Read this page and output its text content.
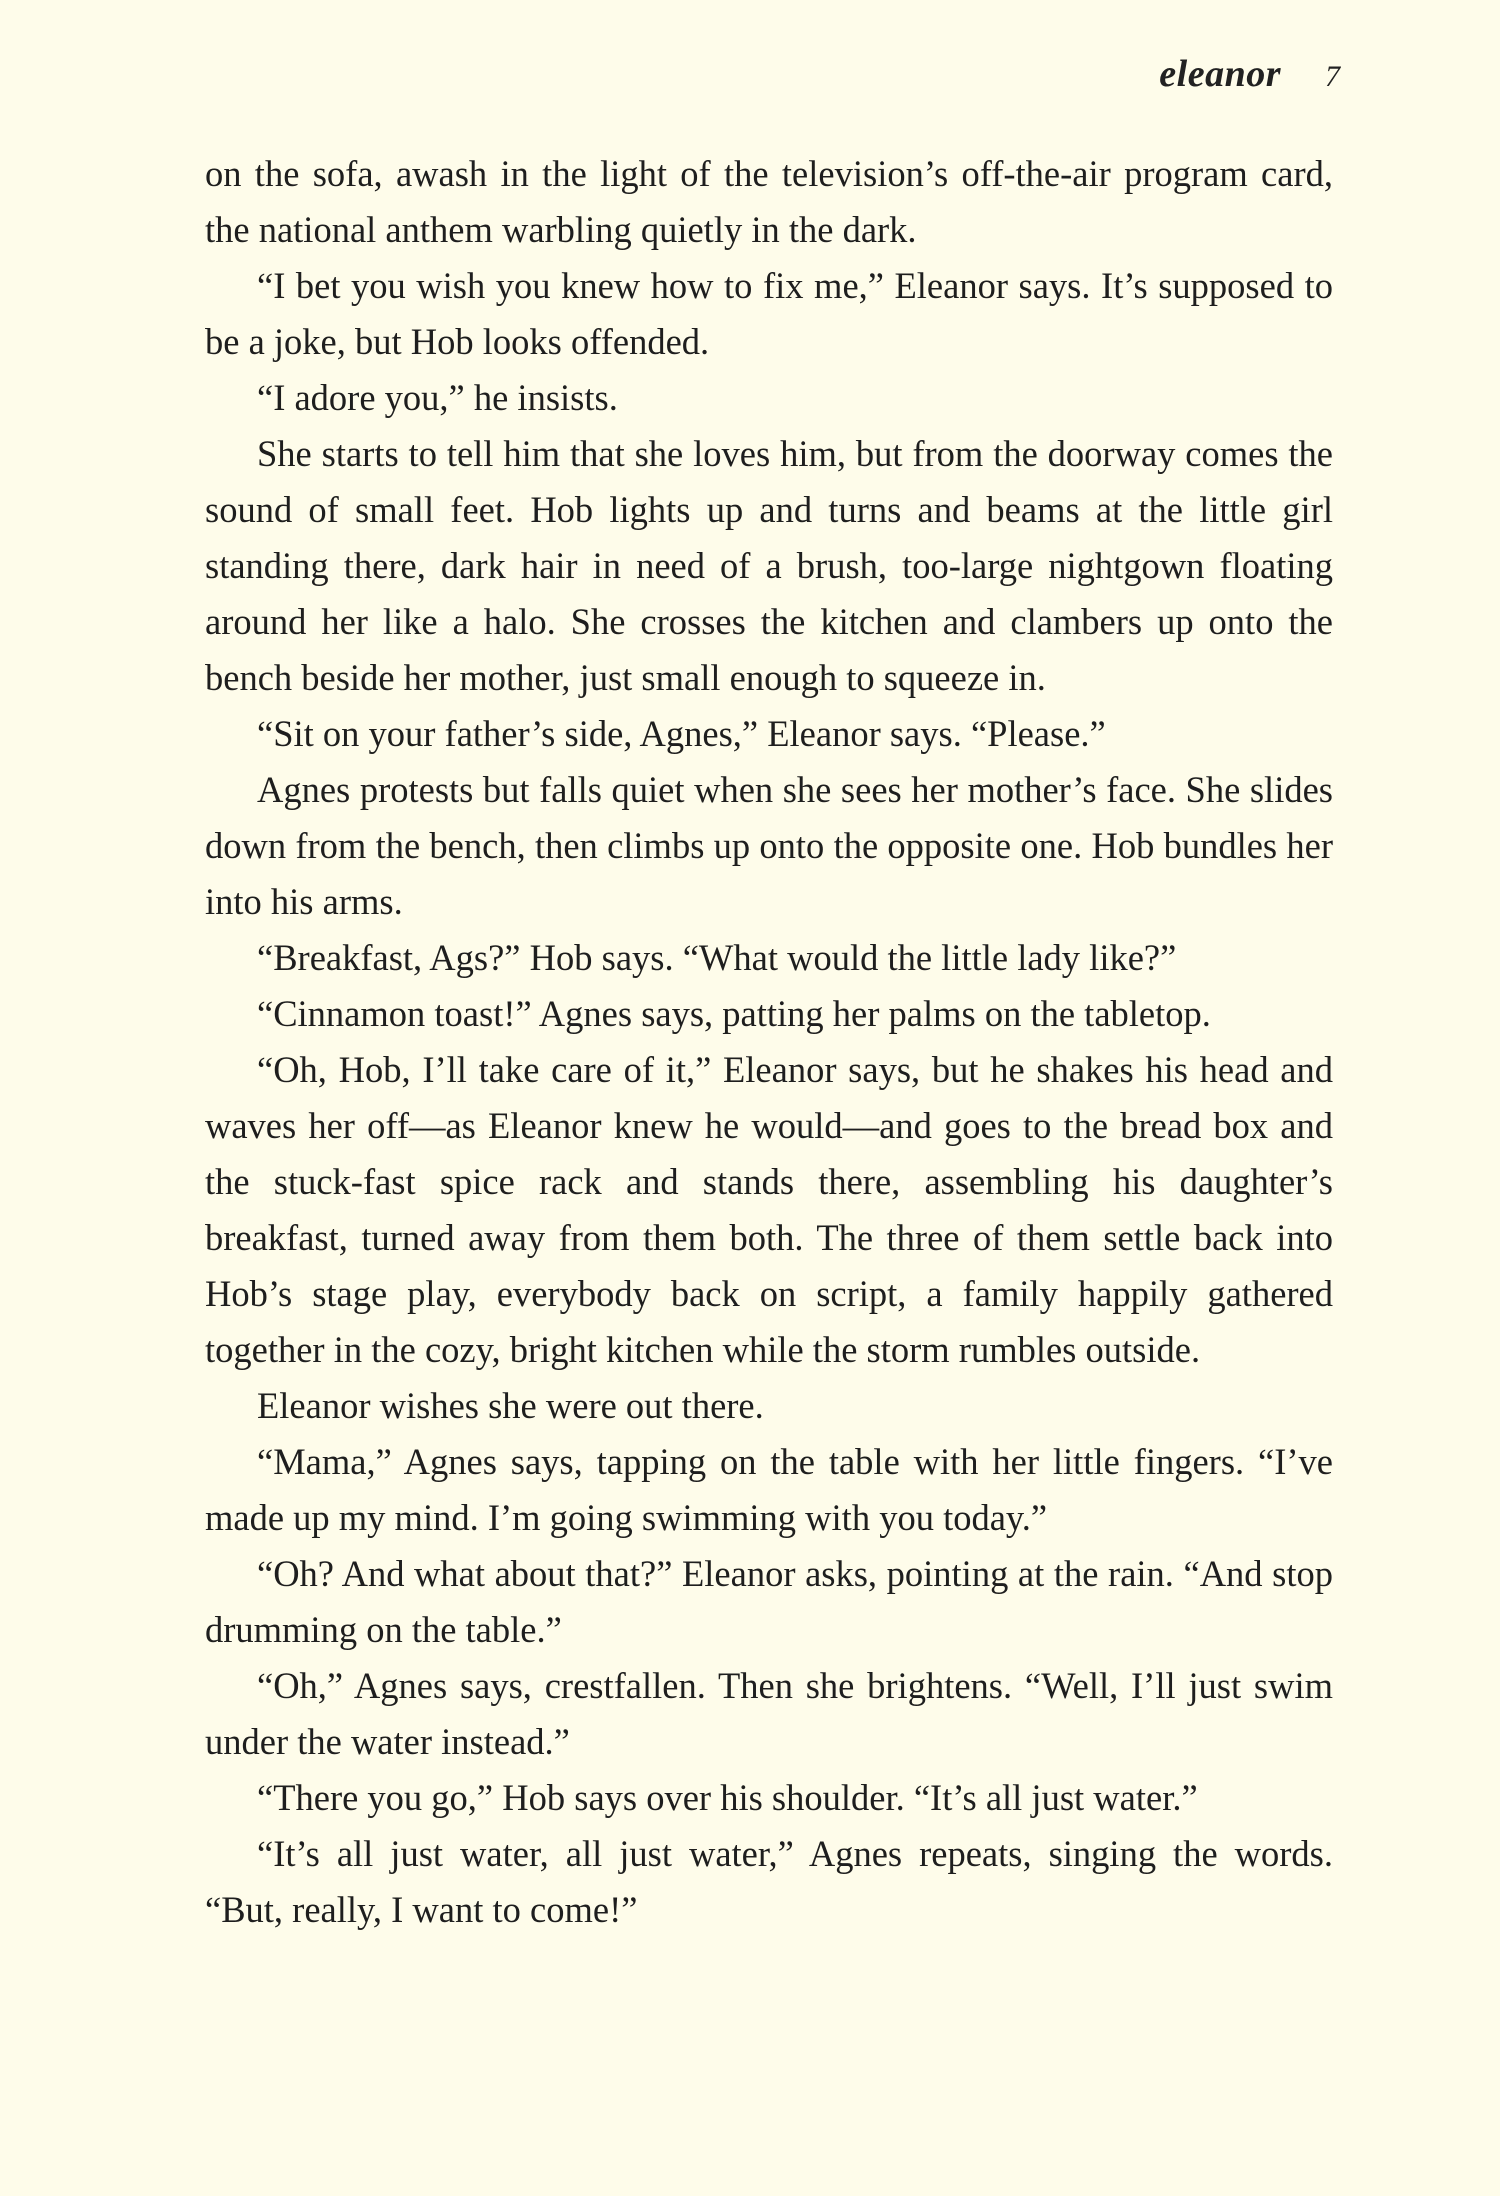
eleanor 7

on the sofa, awash in the light of the television’s off-the-air program card, the national anthem warbling quietly in the dark.

“I bet you wish you knew how to fix me,” Eleanor says. It’s supposed to be a joke, but Hob looks offended.

“I adore you,” he insists.

She starts to tell him that she loves him, but from the doorway comes the sound of small feet. Hob lights up and turns and beams at the little girl standing there, dark hair in need of a brush, too-large nightgown floating around her like a halo. She crosses the kitchen and clambers up onto the bench beside her mother, just small enough to squeeze in.

“Sit on your father’s side, Agnes,” Eleanor says. “Please.”

Agnes protests but falls quiet when she sees her mother’s face. She slides down from the bench, then climbs up onto the opposite one. Hob bundles her into his arms.

“Breakfast, Ags?” Hob says. “What would the little lady like?”

“Cinnamon toast!” Agnes says, patting her palms on the tabletop.

“Oh, Hob, I’ll take care of it,” Eleanor says, but he shakes his head and waves her off—as Eleanor knew he would—and goes to the bread box and the stuck-fast spice rack and stands there, assembling his daughter’s breakfast, turned away from them both. The three of them settle back into Hob’s stage play, everybody back on script, a family happily gathered together in the cozy, bright kitchen while the storm rumbles outside.

Eleanor wishes she were out there.

“Mama,” Agnes says, tapping on the table with her little fingers. “I’ve made up my mind. I’m going swimming with you today.”

“Oh? And what about that?” Eleanor asks, pointing at the rain. “And stop drumming on the table.”

“Oh,” Agnes says, crestfallen. Then she brightens. “Well, I’ll just swim under the water instead.”

“There you go,” Hob says over his shoulder. “It’s all just water.”

“It’s all just water, all just water,” Agnes repeats, singing the words. “But, really, I want to come!”
